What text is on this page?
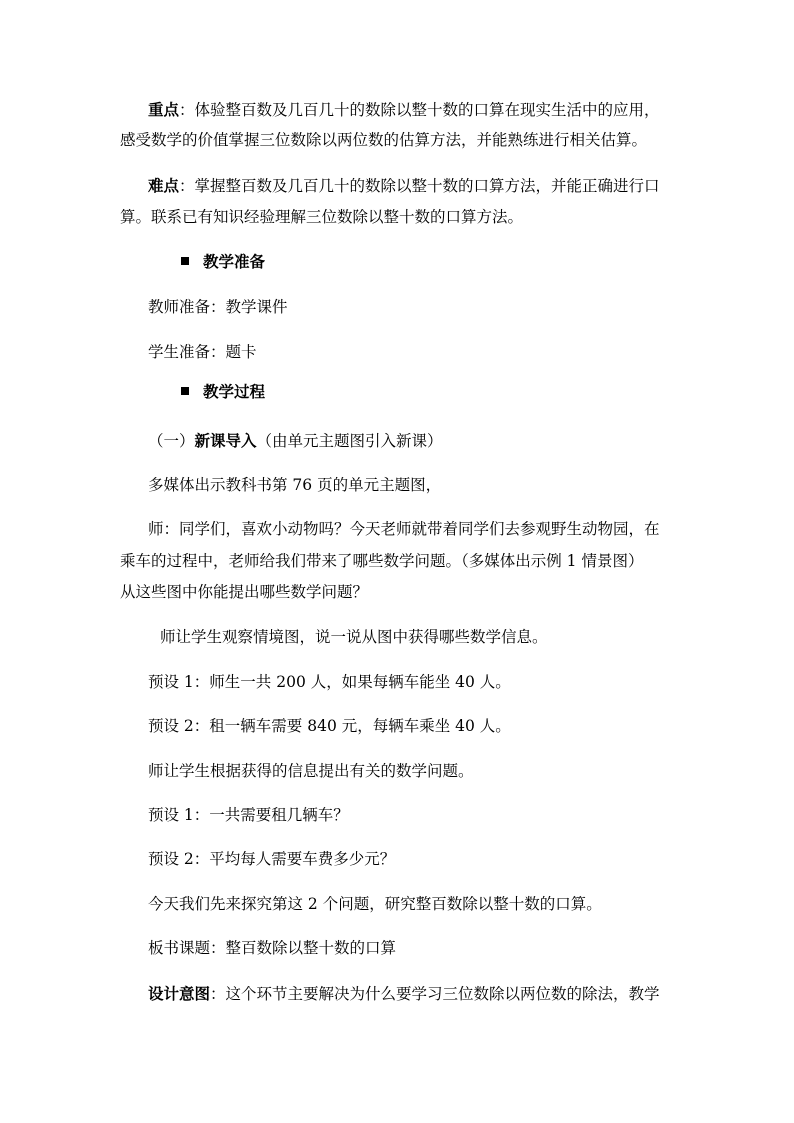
重点：体验整百数及几百几十的数除以整十数的口算在现实生活中的应用，
感受数学的价值掌握三位数除以两位数的估算方法，并能熟练进行相关估算。
难点：掌握整百数及几百几十的数除以整十数的口算方法，并能正确进行口
算。联系已有知识经验理解三位数除以整十数的口算方法。
教学准备
教师准备：教学课件
学生准备：题卡
教学过程
（一）新课导入（由单元主题图引入新课）
多媒体出示教科书第 76 页的单元主题图，
师：同学们，喜欢小动物吗？今天老师就带着同学们去参观野生动物园，在
乘车的过程中，老师给我们带来了哪些数学问题。（多媒体出示例 1 情景图）
从这些图中你能提出哪些数学问题？
师让学生观察情境图，说一说从图中获得哪些数学信息。
预设 1：师生一共 200 人，如果每辆车能坐 40 人。
预设 2：租一辆车需要 840 元，每辆车乘坐 40 人。
师让学生根据获得的信息提出有关的数学问题。
预设 1：一共需要租几辆车？
预设 2：平均每人需要车费多少元？
今天我们先来探究第这 2 个问题，研究整百数除以整十数的口算。
板书课题：整百数除以整十数的口算
设计意图：这个环节主要解决为什么要学习三位数除以两位数的除法，教学
